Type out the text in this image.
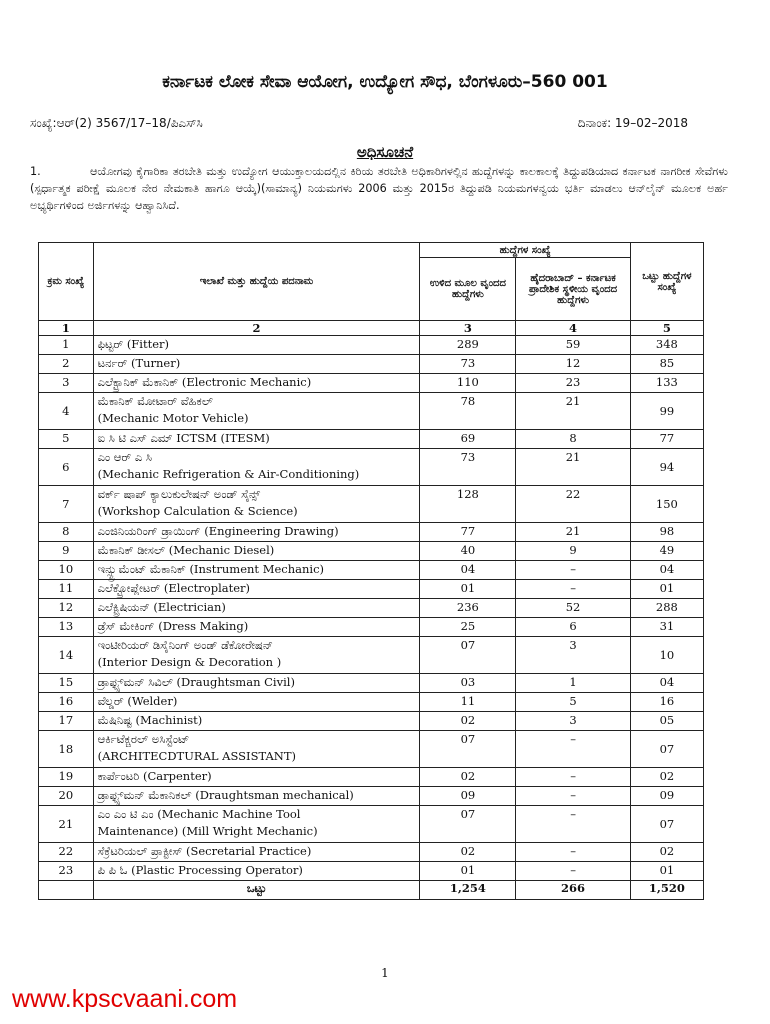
ಕರ್ನಾಟಕ ಲೋಕ ಸೇವಾ ಆಯೋಗ, ಉದ್ಯೋಗ ಸೌಧ, ಬೆಂಗಳೂರು–560 001
ಸಂಖ್ಯೆ:ಆರ್(2) 3567/17–18/ಪಿಎಸ್‌ಸಿ	ದಿನಾಂಕ: 19–02–2018
ಅಧಿಸೂಚನೆ
1.	ಆಯೋಗವು ಕೈಗಾರಿಕಾ ತರಬೇತಿ ಮತ್ತು ಉದ್ಯೋಗ ಆಯುಕ್ತಾಲಯದಲ್ಲಿನ ಕಿರಿಯ ತರಬೇತಿ ಅಧಿಕಾರಿಗಳಲ್ಲಿನ ಹುದ್ದೆಗಳನ್ನು ಕಾಲಕಾಲಕ್ಕೆ ತಿದ್ದುಪಡಿಯಾದ ಕರ್ನಾಟಕ ನಾಗರೀಕ ಸೇವೆಗಳು (ಸ್ಪರ್ಧಾತ್ಮಕ ಪರೀಕ್ಷೆ ಮೂಲಕ ನೇರ ನೇಮಕಾತಿ ಹಾಗೂ ಆಯ್ಕೆ)(ಸಾಮಾನ್ಯ) ನಿಯಮಗಳು 2006 ಮತ್ತು 2015ರ ತಿದ್ದುಪಡಿ ನಿಯಮಗಳನ್ವಯ ಭರ್ತಿ ಮಾಡಲು ಆನ್‌ಲೈನ್ ಮೂಲಕ ಅರ್ಹ ಅಭ್ಯರ್ಥಿಗಳಿಂದ ಅರ್ಜಿಗಳನ್ನು ಆಹ್ವಾನಿಸಿದೆ.
ಕ್ರಮ ಸಂಖ್ಯೆ	ಇಲಾಖೆ ಮತ್ತು ಹುದ್ದೆಯ ಪದನಾಮ	ಹುದ್ದೆಗಳ ಸಂಖ್ಯೆ		ಒಟ್ಟು ಹುದ್ದೆಗಳ ಸಂಖ್ಯೆ
		ಉಳಿದ ಮೂಲ ವೃಂದದ ಹುದ್ದೆಗಳು	ಹೈದರಾಬಾದ್ – ಕರ್ನಾಟಕ ಪ್ರಾದೇಶಿಕ ಸ್ಥಳೀಯ ವೃಂದದ ಹುದ್ದೆಗಳು	
1	2	3	4	5
1	ಫಿಟ್ಟರ್ (Fitter)	289	59	348
2	ಟರ್ನರ್ (Turner)	73	12	85
3	ಎಲೆಕ್ಟ್ರಾನಿಕ್ ಮೆಕಾನಿಕ್ (Electronic Mechanic)	110	23	133
4	ಮೆಕಾನಿಕ್ ಮೋಟಾರ್ ವೆಹಿಕಲ್
(Mechanic Motor Vehicle)	78	21	99
5	ಐ ಸಿ ಟಿ ಎಸ್ ಎಮ್ ICTSM (ITESM)	69	8	77
6	ಎಂ ಆರ್ ಎ ಸಿ
(Mechanic Refrigeration & Air-Conditioning)	73	21	94
7	ವರ್ಕ್ ಷಾಪ್ ಕ್ಯಾಲುಕುಲೇಷನ್ ಅಂಡ್ ಸೈನ್ಸ್
(Workshop Calculation & Science)	128	22	150
8	ಎಂಜಿನಿಯರಿಂಗ್ ಡ್ರಾಯಿಂಗ್ (Engineering Drawing)	77	21	98
9	ಮೆಕಾನಿಕ್ ಡೀಸಲ್ (Mechanic Diesel)	40	9	49
10	ಇನ್ಸ್ಟ್ರುಮೆಂಟ್ ಮೆಕಾನಿಕ್ (Instrument Mechanic)	04	–	04
11	ಎಲೆಕ್ಟ್ರೋಪ್ಲೇಟರ್ (Electroplater)	01	–	01
12	ಎಲೆಕ್ಟ್ರಿಷಿಯನ್ (Electrician)	236	52	288
13	ಡ್ರೆಸ್ ಮೇಕಿಂಗ್ (Dress Making)	25	6	31
14	ಇಂಟೀರಿಯರ್ ಡಿಸೈನಿಂಗ್ ಅಂಡ್ ಡೆಕೋರೇಷನ್
(Interior Design & Decoration )	07	3	10
15	ಡ್ರಾಫ್ಟ್ಸ್‌ಮನ್ ಸಿವಿಲ್ (Draughtsman Civil)	03	1	04
16	ವೆಲ್ಡರ್ (Welder)	11	5	16
17	ಮೆಷಿನಿಷ್ಟ (Machinist)	02	3	05
18	ಆರ್ಕಿಟೆಕ್ಚರಲ್ ಅಸಿಸ್ಟೆಂಟ್
(ARCHITECDTURAL ASSISTANT)	07	–	07
19	ಕಾರ್ಪೆಂಟರಿ (Carpenter)	02	–	02
20	ಡ್ರಾಫ್ಟ್ಸ್‌ಮನ್ ಮೆಕಾನಿಕಲ್ (Draughtsman mechanical)	09	–	09
21	ಎಂ ಎಂ ಟಿ ಎಂ (Mechanic Machine Tool
Maintenance) (Mill Wright Mechanic)	07	–	07
22	ಸೆಕ್ರೆಟರಿಯಲ್ ಪ್ರಾಕ್ಟೀಸ್ (Secretarial Practice)	02	–	02
23	ಪಿ ಪಿ ಓ (Plastic Processing Operator)	01	–	01
	ಒಟ್ಟು	1,254	266	1,520
1
www.kpscvaani.com
